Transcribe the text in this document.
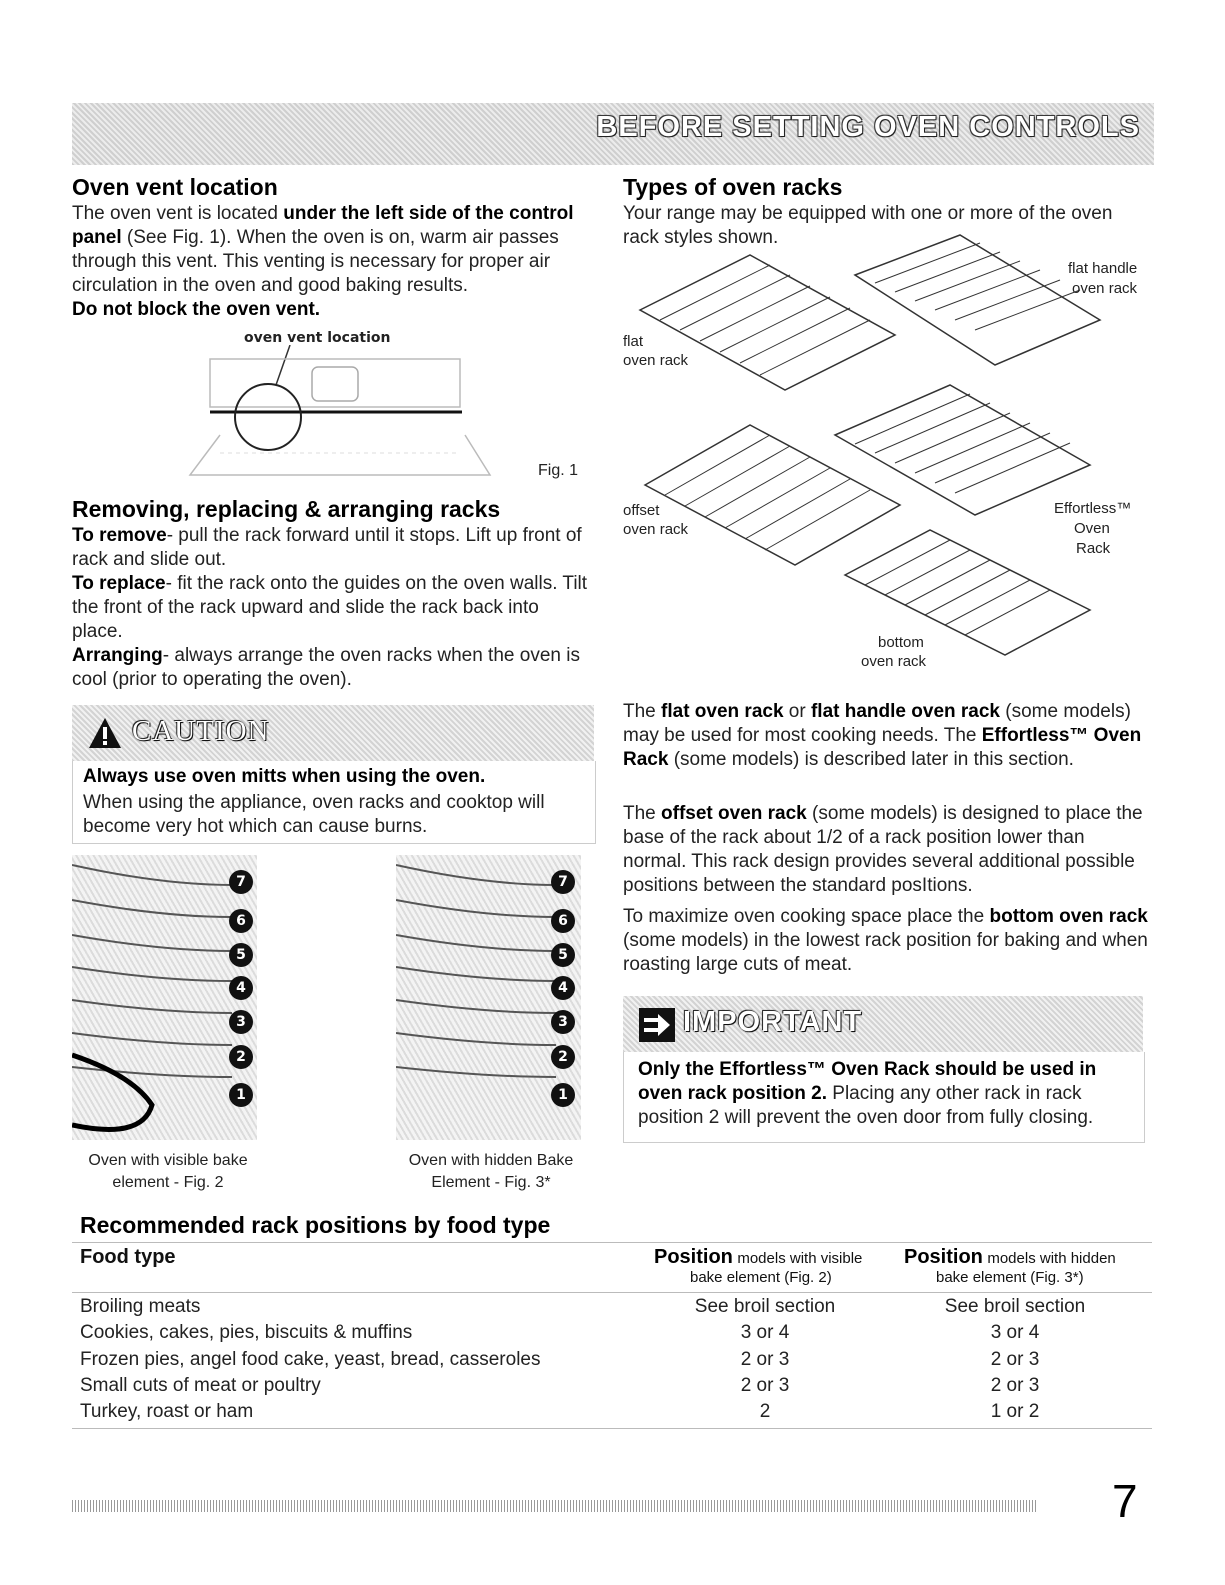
BEFORE SETTING OVEN CONTROLS
Oven vent location

The oven vent is located under the left side of the control panel (See Fig. 1). When the oven is on, warm air passes through this vent. This venting is necessary for proper air circulation in the oven and good baking results.

Do not block the oven vent.

oven vent location
Fig. 1
Removing, replacing & arranging racks

To remove- pull the rack forward until it stops. Lift up front of rack and slide out.

To replace- fit the rack onto the guides on the oven walls. Tilt the front of the rack upward and slide the rack back into place.

Arranging- always arrange the oven racks when the oven is cool (prior to operating the oven).

CAUTION

Always use oven mitts when using the oven.

When using the appliance, oven racks and cooktop will become very hot which can cause burns.

7
6
5
4
3
2
1
Oven with visible bake
element - Fig. 2
7
6
5
4
3
2
1
Oven with hidden Bake
Element - Fig. 3*
Types of oven racks

Your range may be equipped with one or more of the oven rack styles shown.

flat handle
oven rack
flat
oven rack
offset
oven rack
Effortless™
Oven
Rack
bottom
oven rack

The flat oven rack or flat handle oven rack (some models) may be used for most cooking needs. The Effortless™ Oven Rack (some models) is described later in this section.

The offset oven rack (some models) is designed to place the base of the rack about 1/2 of a rack position lower than normal. This rack design provides several additional possible positions between the standard posItions.

To maximize oven cooking space place the bottom oven rack (some models) in the lowest rack position for baking and when roasting large cuts of meat.

IMPORTANT

Only the Effortless™ Oven Rack should be used in oven rack position 2. Placing any other rack in rack position 2 will prevent the oven door from fully closing.

Recommended rack positions by food type
Food type	Position models with visible
bake element (Fig. 2)
Position models with hidden
bake element (Fig. 3*)
Broiling meats	See broil section	See broil section
Cookies, cakes, pies, biscuits & muffins	3 or 4	3 or 4
Frozen pies, angel food cake, yeast, bread, casseroles	2 or 3	2 or 3
Small cuts of meat or poultry	2 or 3	2 or 3
Turkey, roast or ham	2	1 or 2
7
